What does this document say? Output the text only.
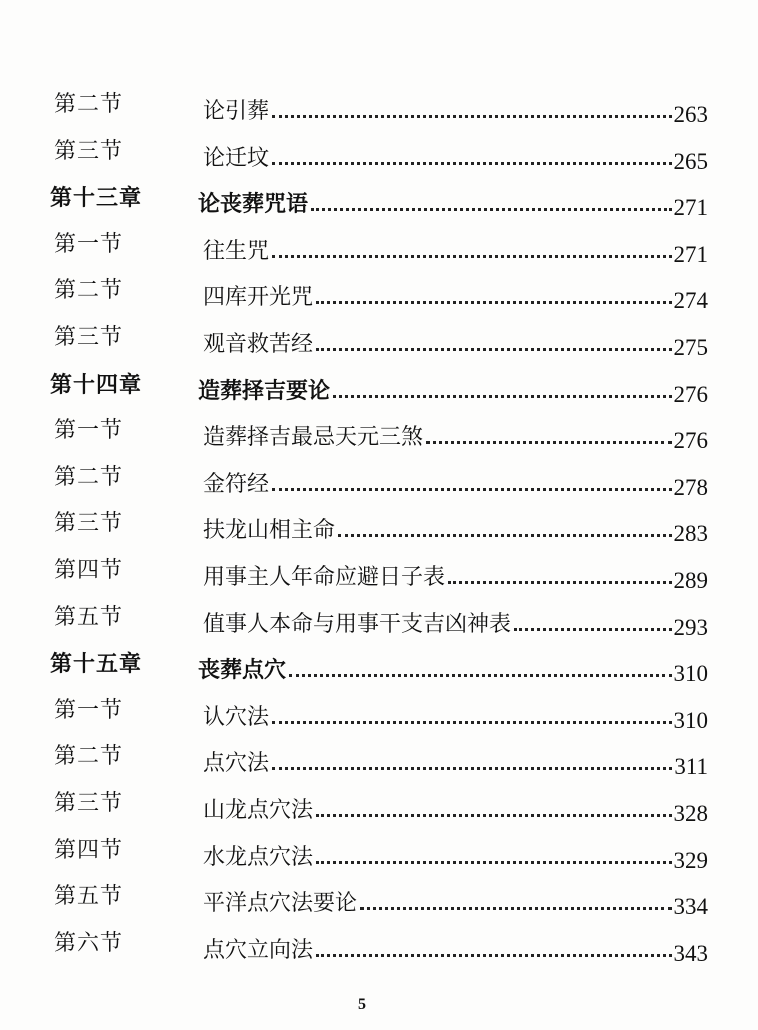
第二节	论引葬	263
第三节	论迁坟	265
第十三章	论丧葬咒语	271
第一节	往生咒	271
第二节	四库开光咒	274
第三节	观音救苦经	275
第十四章	造葬择吉要论	276
第一节	造葬择吉最忌天元三煞	276
第二节	金符经	278
第三节	扶龙山相主命	283
第四节	用事主人年命应避日子表	289
第五节	值事人本命与用事干支吉凶神表	293
第十五章	丧葬点穴	310
第一节	认穴法	310
第二节	点穴法	311
第三节	山龙点穴法	328
第四节	水龙点穴法	329
第五节	平洋点穴法要论	334
第六节	点穴立向法	343
5
